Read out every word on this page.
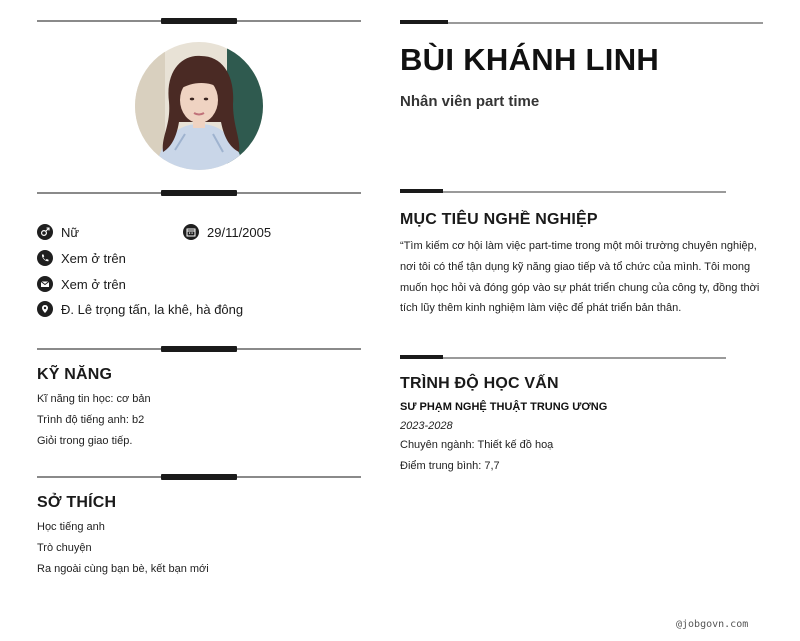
Nữ	29/11/2005
Xem ở trên
Xem ở trên
Đ. Lê trọng tấn, la khê, hà đông
KỸ NĂNG
Kĩ năng tin học: cơ bản
Trình độ tiếng anh: b2
Giỏi trong giao tiếp.
SỞ THÍCH
Học tiếng anh
Trò chuyện
Ra ngoài cùng bạn bè, kết bạn mới
BÙI KHÁNH LINH
Nhân viên part time
MỤC TIÊU NGHỀ NGHIỆP
“Tìm kiếm cơ hội làm việc part-time trong một môi trường chuyên nghiệp, nơi tôi có thể tận dụng kỹ năng giao tiếp và tổ chức của mình. Tôi mong muốn học hỏi và đóng góp vào sự phát triển chung của công ty, đồng thời tích lũy thêm kinh nghiệm làm việc để phát triển bản thân.
TRÌNH ĐỘ HỌC VẤN
SƯ PHẠM NGHỆ THUẬT TRUNG ƯƠNG
2023-2028
Chuyên ngành: Thiết kế đồ hoạ
Điểm trung bình: 7,7
@jobgovn.com
